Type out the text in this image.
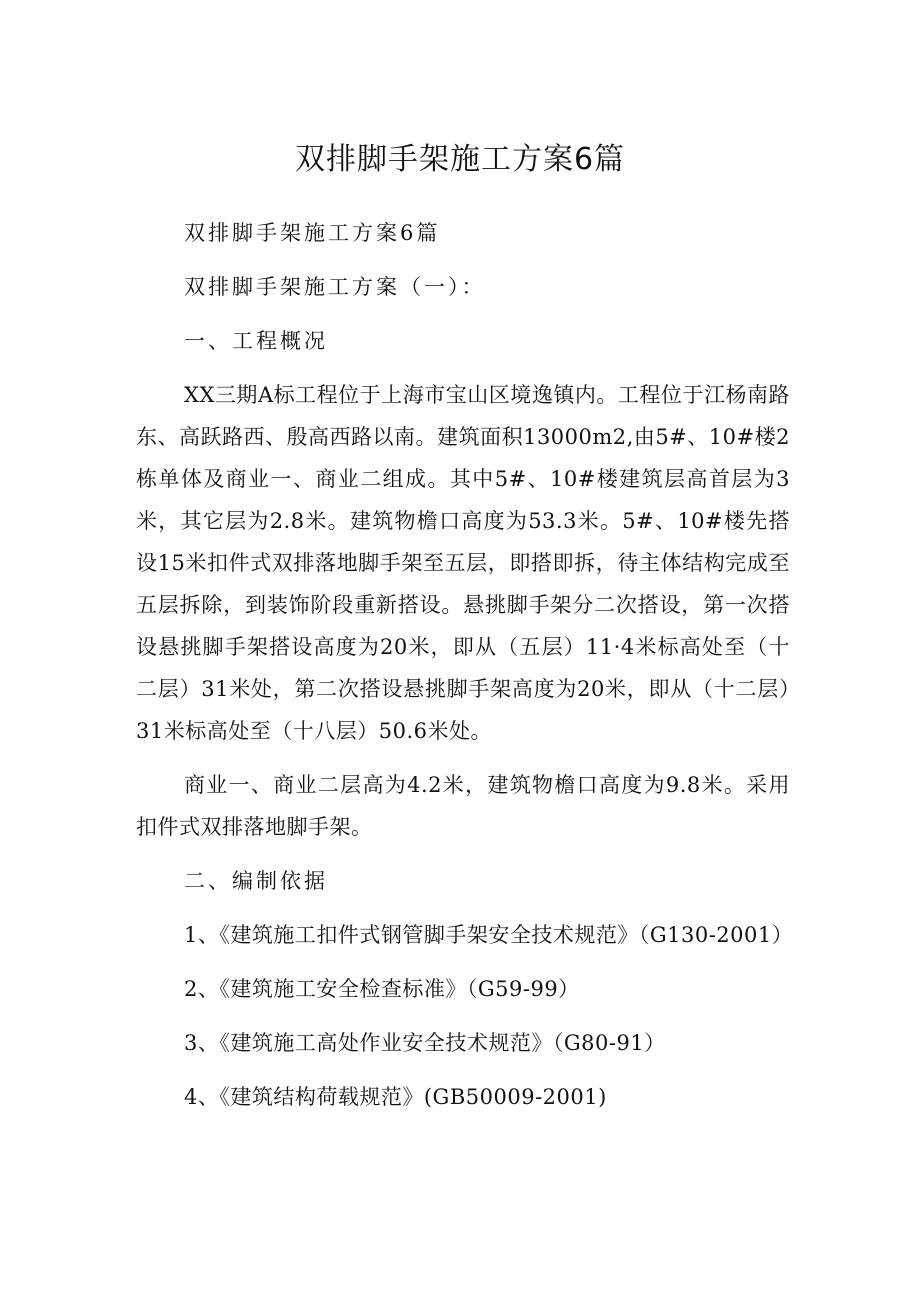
双排脚手架施工方案6篇

双排脚手架施工方案6篇

双排脚手架施工方案（一）：

一、工程概况

XX三期A标工程位于上海市宝山区境逸镇内。工程位于江杨南路东、高跃路西、殷高西路以南。建筑面积13000m2,由5#、10#楼2栋单体及商业一、商业二组成。其中5#、10#楼建筑层高首层为3米，其它层为2.8米。建筑物檐口高度为53.3米。5#、10#楼先搭设15米扣件式双排落地脚手架至五层，即搭即拆，待主体结构完成至五层拆除，到装饰阶段重新搭设。悬挑脚手架分二次搭设，第一次搭设悬挑脚手架搭设高度为20米，即从（五层）11·4米标高处至（十二层）31米处，第二次搭设悬挑脚手架高度为20米，即从（十二层）31米标高处至（十八层）50.6米处。

商业一、商业二层高为4.2米，建筑物檐口高度为9.8米。采用扣件式双排落地脚手架。

二、编制依据

1、《建筑施工扣件式钢管脚手架安全技术规范》（G130-2001）

2、《建筑施工安全检查标准》（G59-99）

3、《建筑施工高处作业安全技术规范》（G80-91）

4、《建筑结构荷载规范》(GB50009-2001)
